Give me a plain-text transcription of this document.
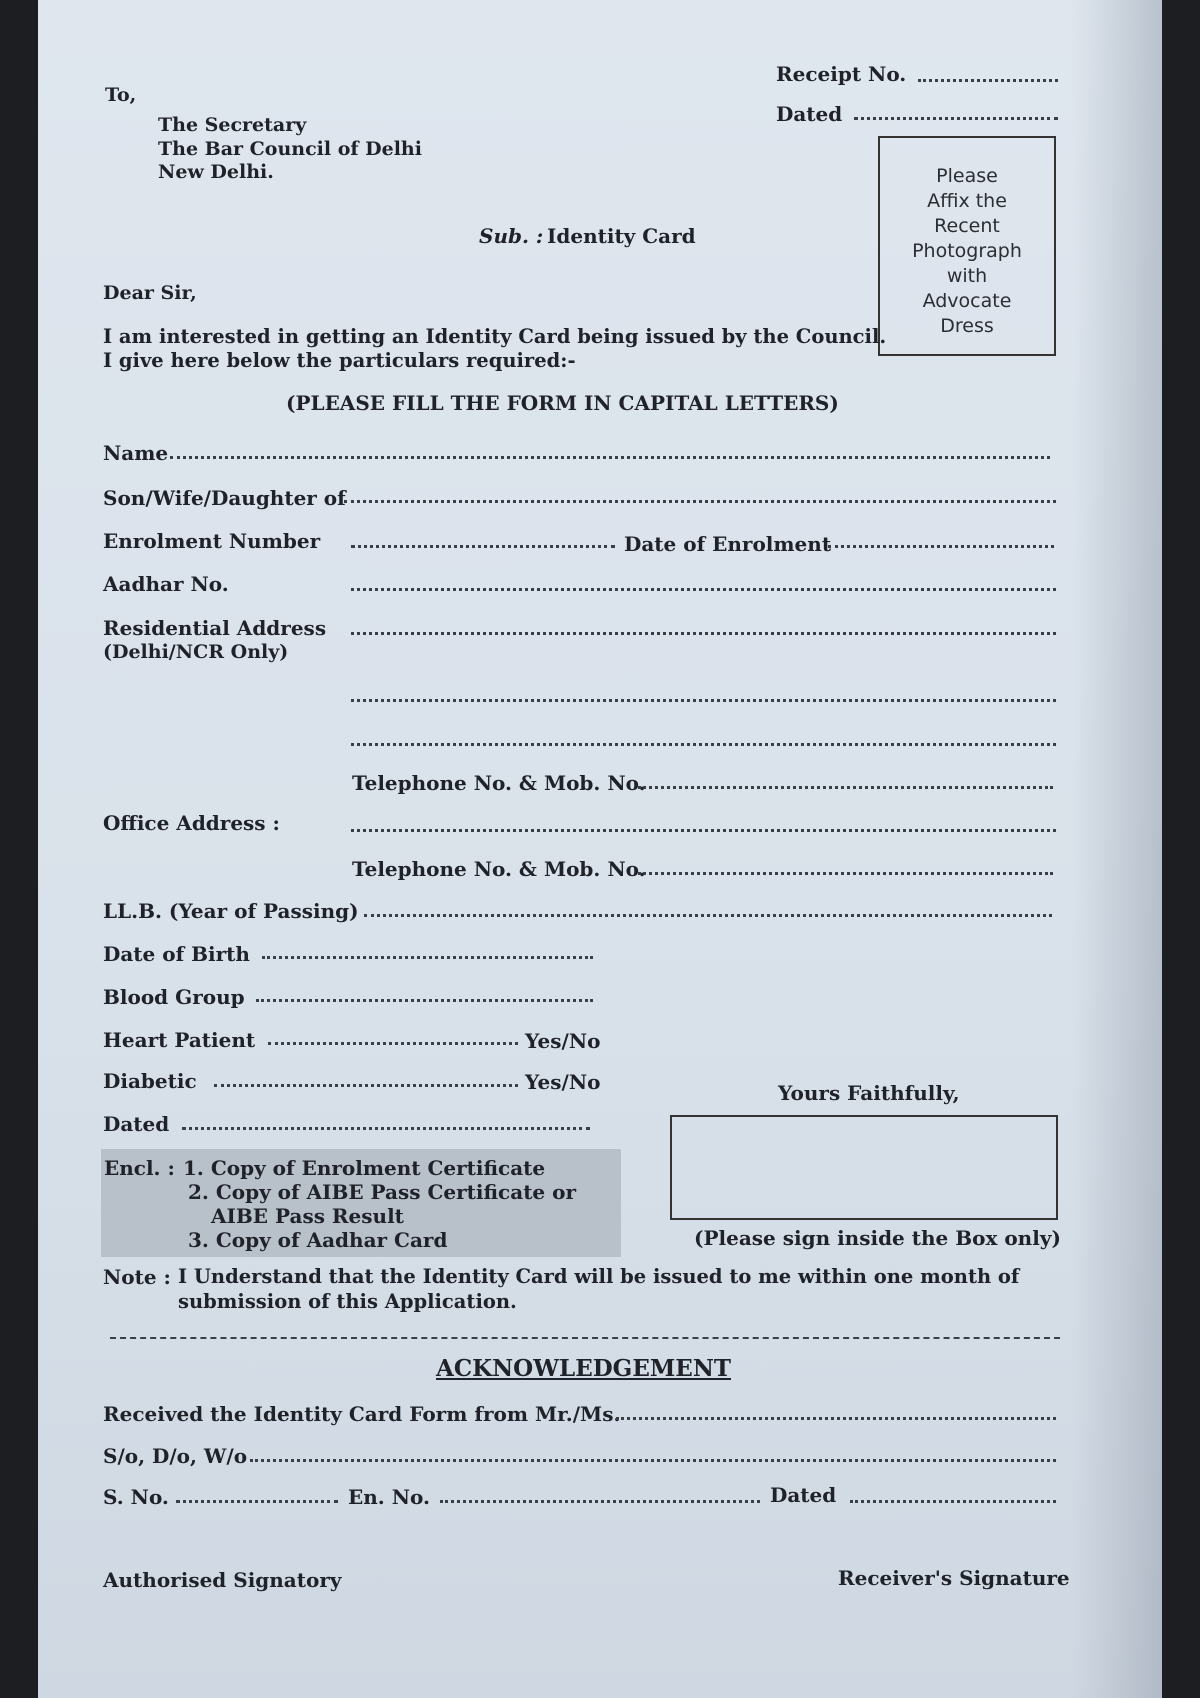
Receipt No.
Dated
To,
The Secretary
The Bar Council of Delhi
New Delhi.
Sub. : Identity Card
Please
Affix the
Recent
Photograph
with
Advocate
Dress
Dear Sir,
I am interested in getting an Identity Card being issued by the Council.
I give here below the particulars required:-
(PLEASE FILL THE FORM IN CAPITAL LETTERS)
Name
Son/Wife/Daughter of
Enrolment Number	Date of Enrolment
Aadhar No.
Residential Address
(Delhi/NCR Only)
Telephone No. & Mob. No.
Office Address :
Telephone No. & Mob. No.
LL.B. (Year of Passing)
Date of Birth
Blood Group
Heart Patient	Yes/No
Diabetic	Yes/No
Dated
Yours Faithfully,
(Please sign inside the Box only)
Encl. : 1. Copy of Enrolment Certificate
2. Copy of AIBE Pass Certificate or
AIBE Pass Result
3. Copy of Aadhar Card
Note : I Understand that the Identity Card will be issued to me within one month of
submission of this Application.
ACKNOWLEDGEMENT
Received the Identity Card Form from Mr./Ms.
S/o, D/o, W/o
S. No.	En. No.	Dated
Authorised Signatory	Receiver's Signature
